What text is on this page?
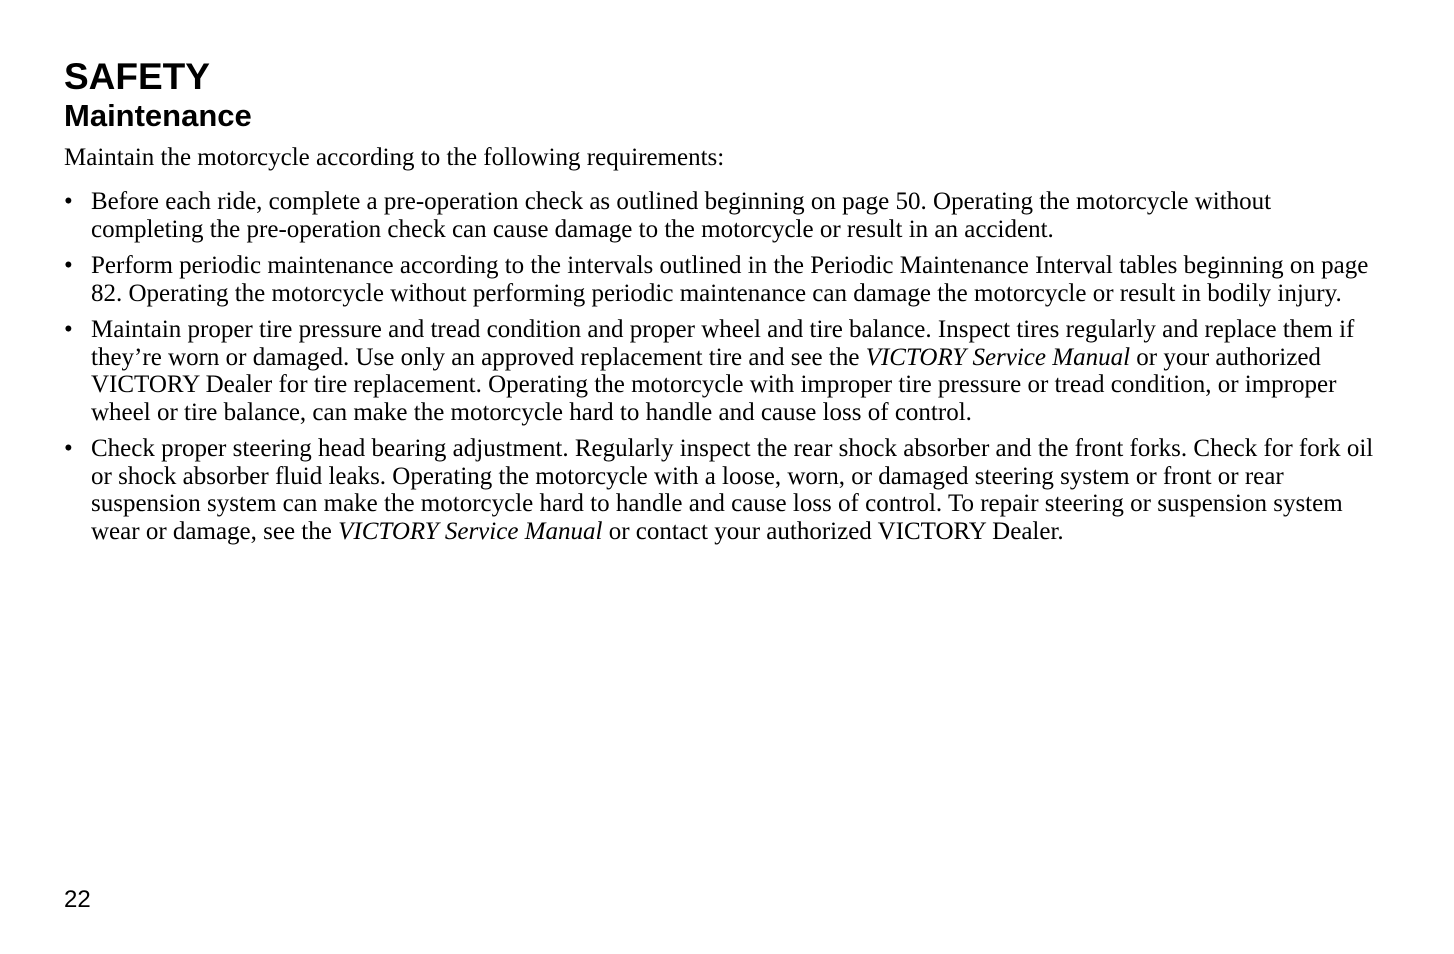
SAFETY
Maintenance

Maintain the motorcycle according to the following requirements:

• Before each ride, complete a pre-operation check as outlined beginning on page 50. Operating the motorcycle without completing the pre-operation check can cause damage to the motorcycle or result in an accident.
• Perform periodic maintenance according to the intervals outlined in the Periodic Maintenance Interval tables beginning on page 82. Operating the motorcycle without performing periodic maintenance can damage the motorcycle or result in bodily injury.
• Maintain proper tire pressure and tread condition and proper wheel and tire balance. Inspect tires regularly and replace them if they’re worn or damaged. Use only an approved replacement tire and see the VICTORY Service Manual or your authorized VICTORY Dealer for tire replacement. Operating the motorcycle with improper tire pressure or tread condition, or improper wheel or tire balance, can make the motorcycle hard to handle and cause loss of control.
• Check proper steering head bearing adjustment. Regularly inspect the rear shock absorber and the front forks. Check for fork oil or shock absorber fluid leaks. Operating the motorcycle with a loose, worn, or damaged steering system or front or rear suspension system can make the motorcycle hard to handle and cause loss of control. To repair steering or suspension system wear or damage, see the VICTORY Service Manual or contact your authorized VICTORY Dealer.
22
